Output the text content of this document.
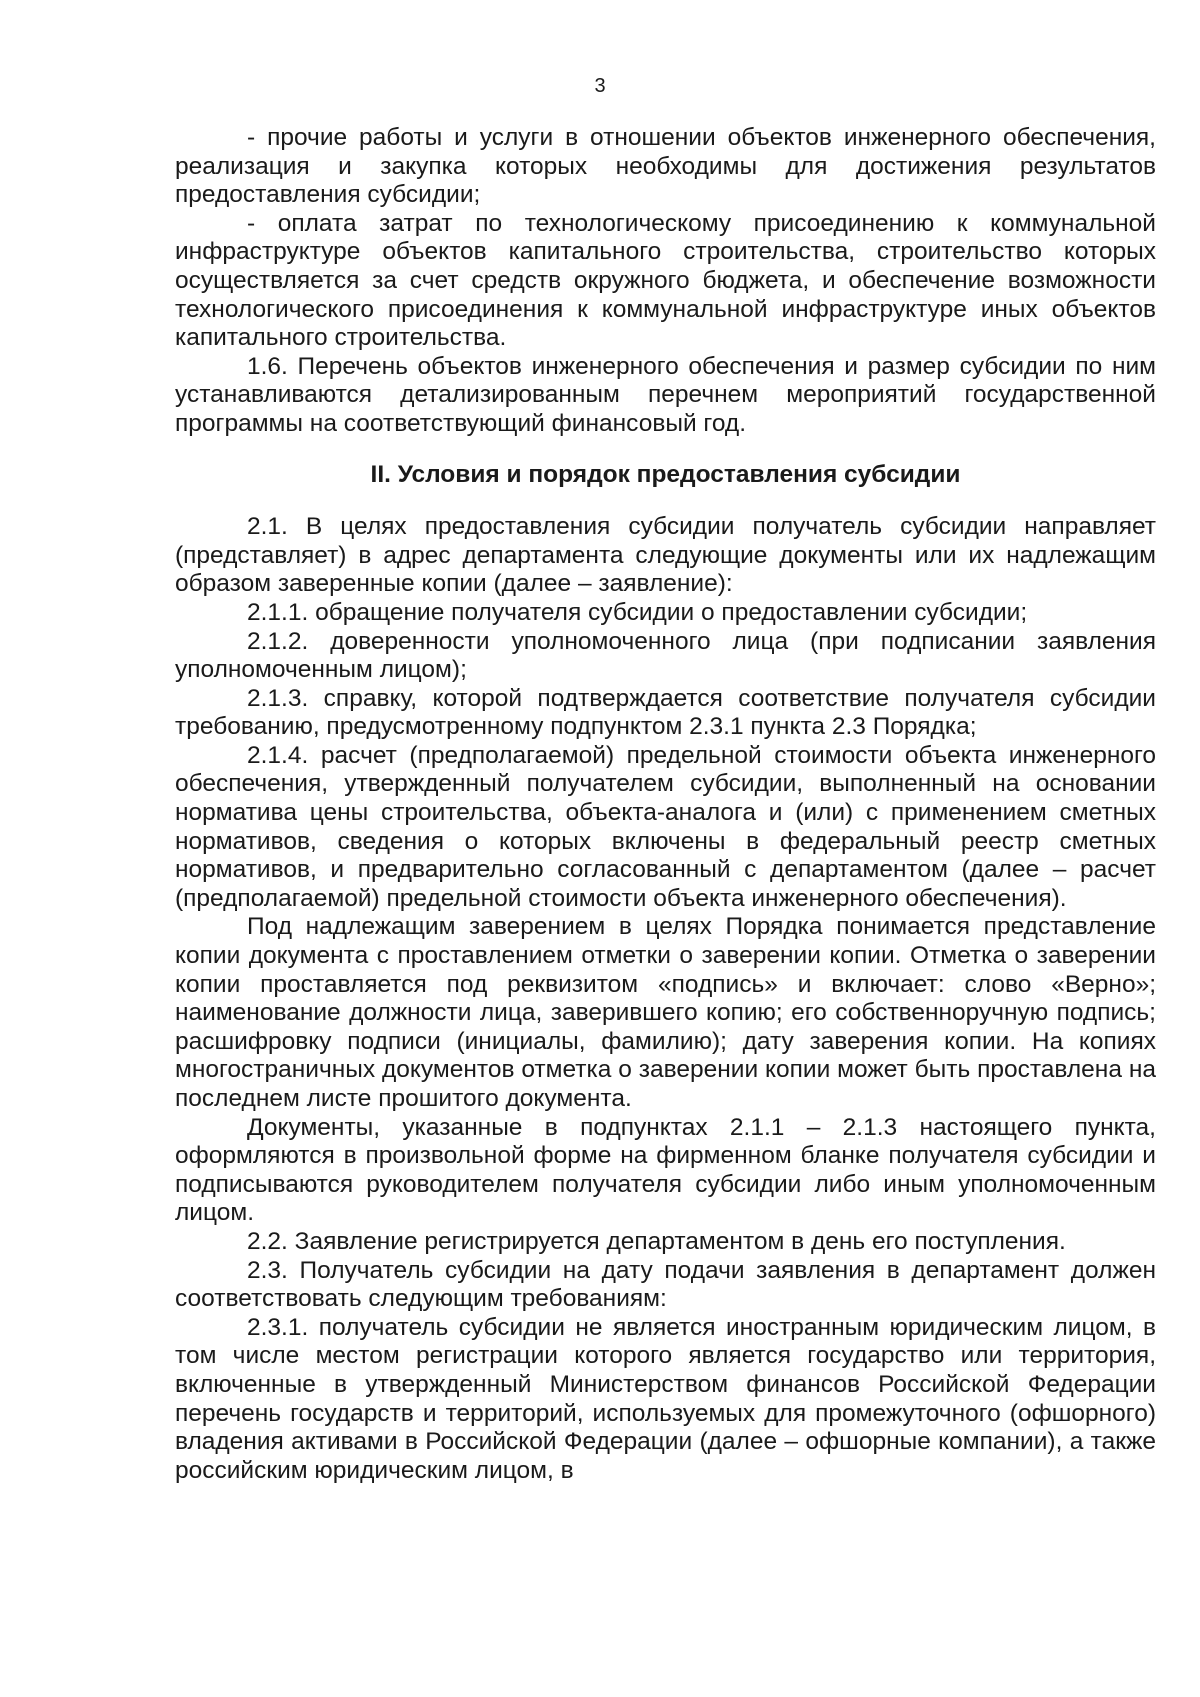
3

- прочие работы и услуги в отношении объектов инженерного обеспечения, реализация и закупка которых необходимы для достижения результатов предоставления субсидии;

- оплата затрат по технологическому присоединению к коммунальной инфраструктуре объектов капитального строительства, строительство которых осуществляется за счет средств окружного бюджета, и обеспечение возможности технологического присоединения к коммунальной инфраструктуре иных объектов капитального строительства.

1.6. Перечень объектов инженерного обеспечения и размер субсидии по ним устанавливаются детализированным перечнем мероприятий государственной программы на соответствующий финансовый год.

II. Условия и порядок предоставления субсидии

2.1. В целях предоставления субсидии получатель субсидии направляет (представляет) в адрес департамента следующие документы или их надлежащим образом заверенные копии (далее – заявление):

2.1.1. обращение получателя субсидии о предоставлении субсидии;

2.1.2. доверенности уполномоченного лица (при подписании заявления уполномоченным лицом);

2.1.3. справку, которой подтверждается соответствие получателя субсидии требованию, предусмотренному подпунктом 2.3.1 пункта 2.3 Порядка;

2.1.4. расчет (предполагаемой) предельной стоимости объекта инженерного обеспечения, утвержденный получателем субсидии, выполненный на основании норматива цены строительства, объекта-аналога и (или) с применением сметных нормативов, сведения о которых включены в федеральный реестр сметных нормативов, и предварительно согласованный с департаментом (далее – расчет (предполагаемой) предельной стоимости объекта инженерного обеспечения).

Под надлежащим заверением в целях Порядка понимается представление копии документа с проставлением отметки о заверении копии. Отметка о заверении копии проставляется под реквизитом «подпись» и включает: слово «Верно»; наименование должности лица, заверившего копию; его собственноручную подпись; расшифровку подписи (инициалы, фамилию); дату заверения копии. На копиях многостраничных документов отметка о заверении копии может быть проставлена на последнем листе прошитого документа.

Документы, указанные в подпунктах 2.1.1 – 2.1.3 настоящего пункта, оформляются в произвольной форме на фирменном бланке получателя субсидии и подписываются руководителем получателя субсидии либо иным уполномоченным лицом.

2.2. Заявление регистрируется департаментом в день его поступления.

2.3. Получатель субсидии на дату подачи заявления в департамент должен соответствовать следующим требованиям:

2.3.1. получатель субсидии не является иностранным юридическим лицом, в том числе местом регистрации которого является государство или территория, включенные в утвержденный Министерством финансов Российской Федерации перечень государств и территорий, используемых для промежуточного (офшорного) владения активами в Российской Федерации (далее – офшорные компании), а также российским юридическим лицом, в
